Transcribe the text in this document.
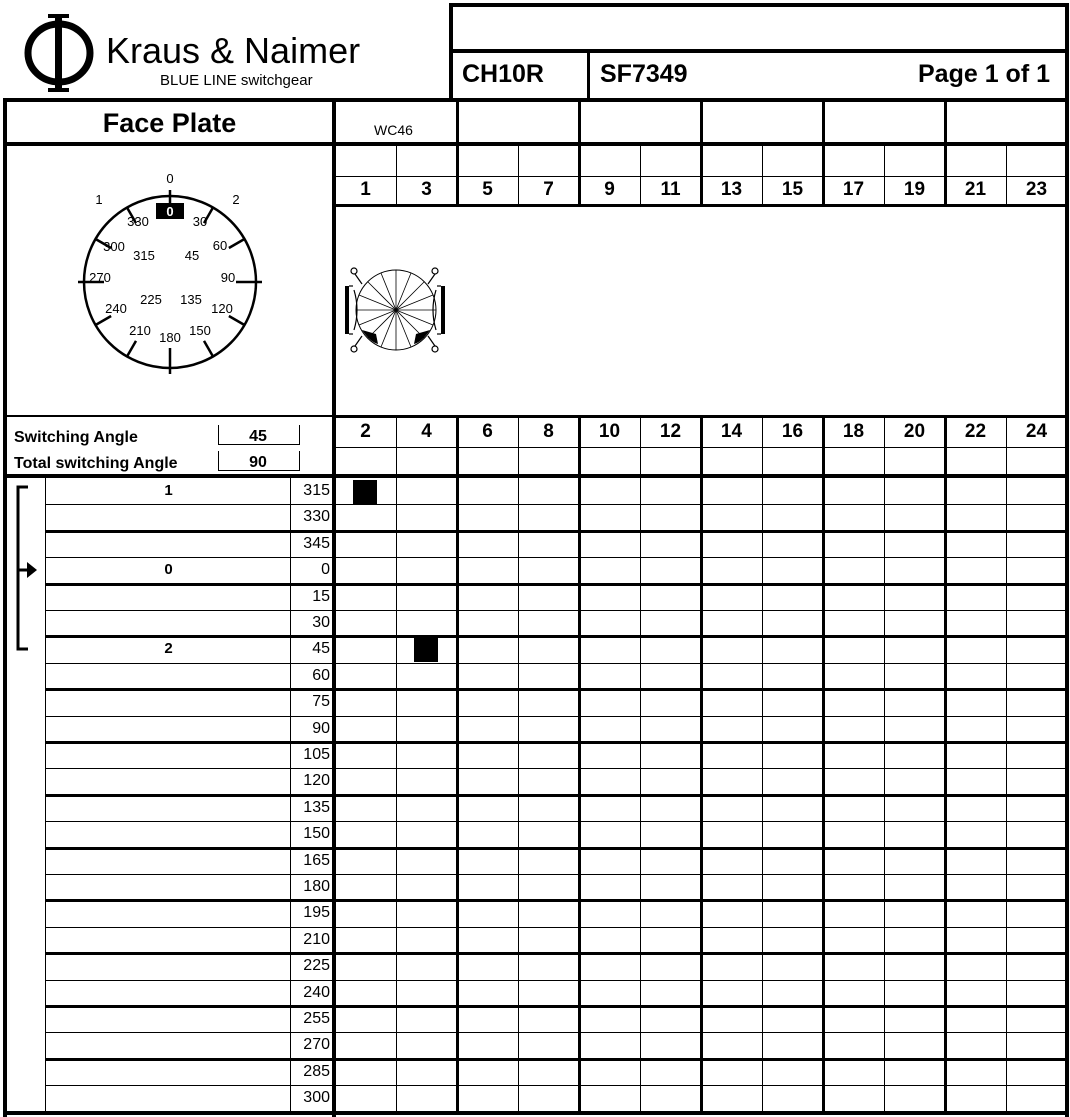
Kraus & Naimer
BLUE LINE switchgear	CH10R SF7349	Page 1 of 1
Face Plate
330	30
300
315 45
60
270	90
240
225 135
120
210 180 150
0
0
1	2
Switching Angle	45
Total switching Angle	90
WC46
1	3	5	7	9	11	13	15	17	19	21	23
2	4	6	8	10	12	14	16	18	20	22	24
1	315
330
345
0	0
15
30
2	45
60
75
90
105
120
135
150
165
180
195
210
225
240
255
270
285
300
